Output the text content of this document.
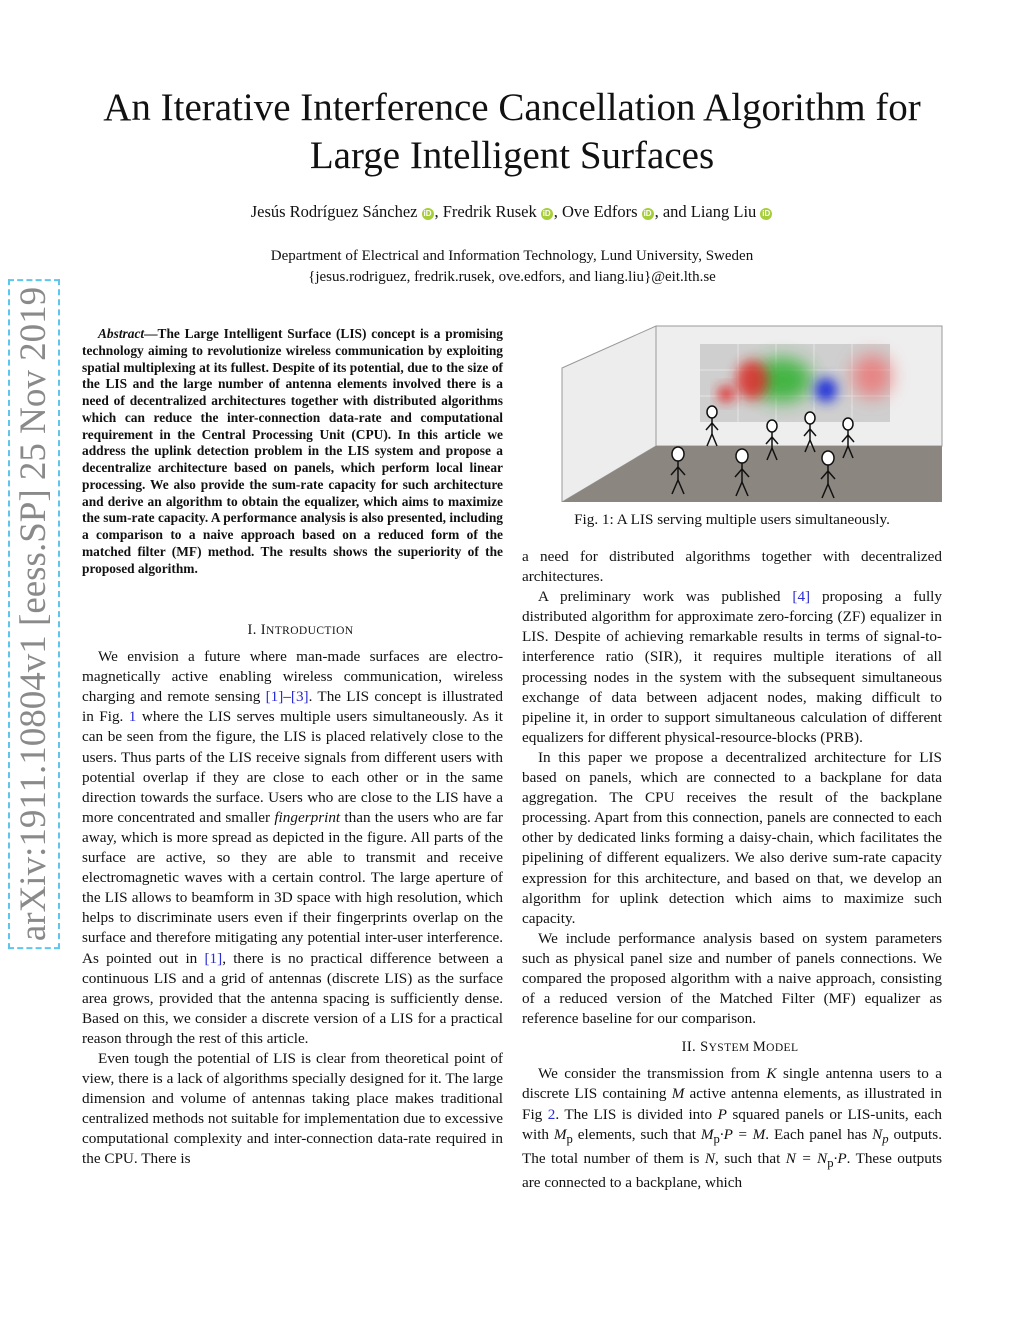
An Iterative Interference Cancellation Algorithm for
Large Intelligent Surfaces
Jesús Rodríguez Sánchez iD , Fredrik Rusek iD , Ove Edfors iD , and Liang Liu iD
Department of Electrical and Information Technology, Lund University, Sweden
{jesus.rodriguez, fredrik.rusek, ove.edfors, and liang.liu}@eit.lth.se
arXiv:1911.10804v1 [eess.SP] 25 Nov 2019	Abstract—The Large Intelligent Surface (LIS) concept is a promising technology aiming to revolutionize wireless communication by exploiting spatial multiplexing at its fullest. Despite of its potential, due to the size of the LIS and the large number of antenna elements involved there is a need of decentralized architectures together with distributed algorithms which can reduce the inter-connection data-rate and computational requirement in the Central Processing Unit (CPU). In this article we address the uplink detection problem in the LIS system and propose a decentralize architecture based on panels, which perform local linear processing. We also provide the sum-rate capacity for such architecture and derive an algorithm to obtain the equalizer, which aims to maximize the sum-rate capacity. A performance analysis is also presented, including a comparison to a naive approach based on a reduced form of the matched filter (MF) method. The results shows the superiority of the proposed algorithm.

I. INTRODUCTION

We envision a future where man-made surfaces are electro-magnetically active enabling wireless communication, wireless charging and remote sensing [1]–[3]. The LIS concept is illustrated in Fig. 1 where the LIS serves multiple users simultaneously. As it can be seen from the figure, the LIS is placed relatively close to the users. Thus parts of the LIS receive signals from different users with potential overlap if they are close to each other or in the same direction towards the surface. Users who are close to the LIS have a more concentrated and smaller fingerprint than the users who are far away, which is more spread as depicted in the figure. All parts of the surface are active, so they are able to transmit and receive electromagnetic waves with a certain control. The large aperture of the LIS allows to beamform in 3D space with high resolution, which helps to discriminate users even if their fingerprints overlap on the surface and therefore mitigating any potential inter-user interference. As pointed out in [1], there is no practical difference between a continuous LIS and a grid of antennas (discrete LIS) as the surface area grows, provided that the antenna spacing is sufficiently dense. Based on this, we consider a discrete version of a LIS for a practical reason through the rest of this article.

Even tough the potential of LIS is clear from theoretical point of view, there is a lack of algorithms specially designed for it. The large dimension and volume of antennas taking place makes traditional centralized methods not suitable for implementation due to excessive computational complexity and inter-connection data-rate required in the CPU. There is

Fig. 1: A LIS serving multiple users simultaneously.

a need for distributed algorithms together with decentralized architectures.

A preliminary work was published [4] proposing a fully distributed algorithm for approximate zero-forcing (ZF) equalizer in LIS. Despite of achieving remarkable results in terms of signal-to-interference ratio (SIR), it requires multiple iterations of all processing nodes in the system with the subsequent simultaneous exchange of data between adjacent nodes, making difficult to pipeline it, in order to support simultaneous calculation of different equalizers for different physical-resource-blocks (PRB).

In this paper we propose a decentralized architecture for LIS based on panels, which are connected to a backplane for data aggregation. The CPU receives the result of the backplane processing. Apart from this connection, panels are connected to each other by dedicated links forming a daisy-chain, which facilitates the pipelining of different equalizers. We also derive sum-rate capacity expression for this architecture, and based on that, we develop an algorithm for uplink detection which aims to maximize such capacity.

We include performance analysis based on system parameters such as physical panel size and number of panels connections. We compared the proposed algorithm with a naive approach, consisting of a reduced version of the Matched Filter (MF) equalizer as reference baseline for our comparison.

II. SYSTEM MODEL

We consider the transmission from K single antenna users to a discrete LIS containing M active antenna elements, as illustrated in Fig 2. The LIS is divided into P squared panels or LIS-units, each with $M_p$ elements, such that $M_p\cdot P = M$. Each panel has $N_p$ outputs. The total number of them is N, such that $N = N_p\cdot P$. These outputs are connected to a backplane, which
